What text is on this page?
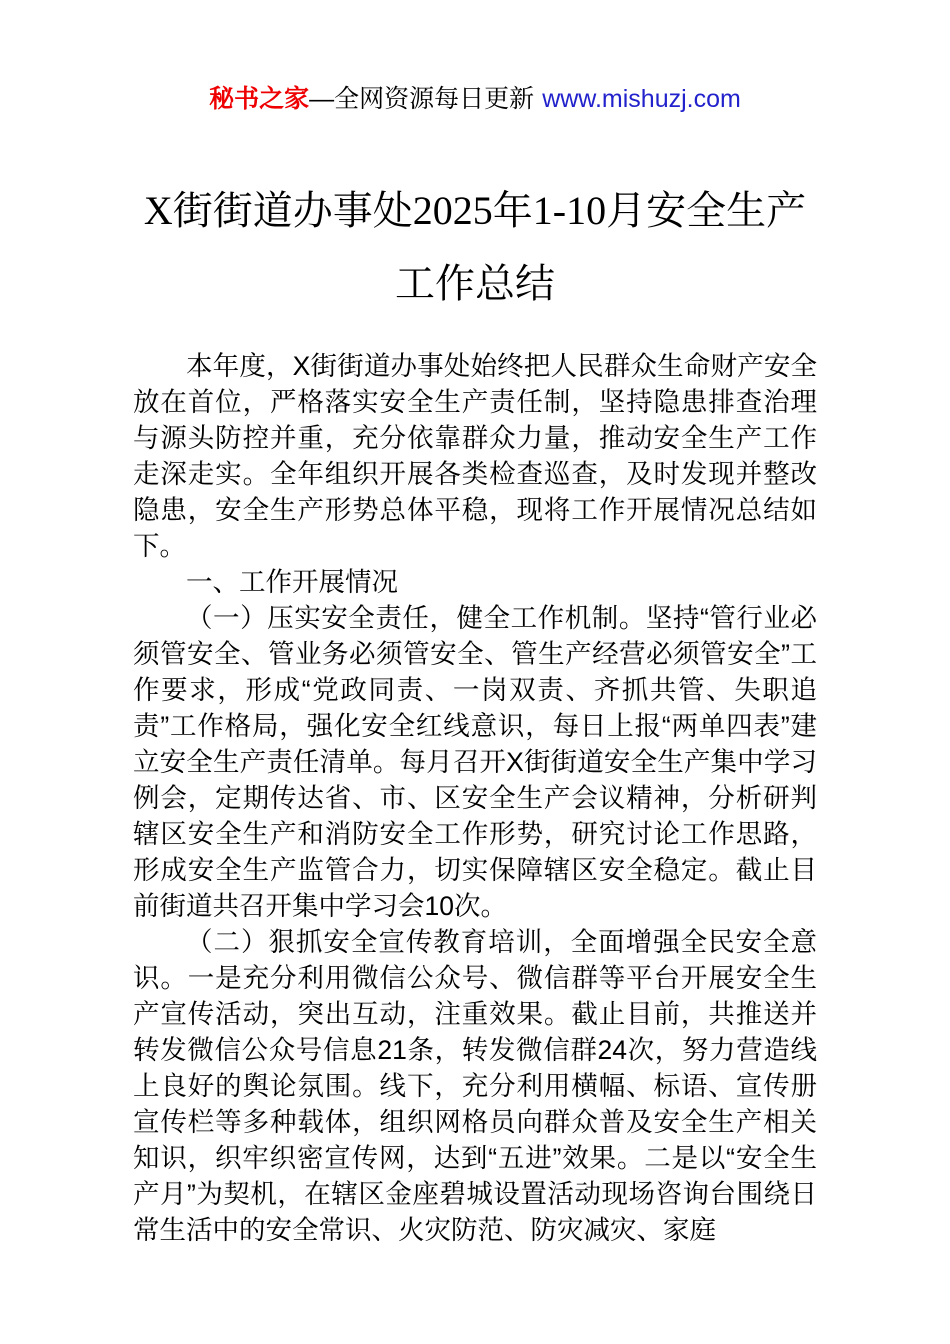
秘书之家—全网资源每日更新 www.mishuzj.com
X街街道办事处2025年1-10月安全生产工作总结

本年度，X街街道办事处始终把人民群众生命财产安全放在首位，严格落实安全生产责任制，坚持隐患排查治理与源头防控并重，充分依靠群众力量，推动安全生产工作走深走实。全年组织开展各类检查巡查，及时发现并整改隐患，安全生产形势总体平稳，现将工作开展情况总结如下。

一、工作开展情况

（一）压实安全责任，健全工作机制。坚持“管行业必须管安全、管业务必须管安全、管生产经营必须管安全”工作要求，形成“党政同责、一岗双责、齐抓共管、失职追责”工作格局，强化安全红线意识，每日上报“两单四表”建立安全生产责任清单。每月召开X街街道安全生产集中学习例会，定期传达省、市、区安全生产会议精神，分析研判辖区安全生产和消防安全工作形势，研究讨论工作思路，形成安全生产监管合力，切实保障辖区安全稳定。截止目前街道共召开集中学习会10次。

（二）狠抓安全宣传教育培训，全面增强全民安全意识。一是充分利用微信公众号、微信群等平台开展安全生产宣传活动，突出互动，注重效果。截止目前，共推送并转发微信公众号信息21条，转发微信群24次，努力营造线上良好的舆论氛围。线下，充分利用横幅、标语、宣传册宣传栏等多种载体，组织网格员向群众普及安全生产相关知识，织牢织密宣传网，达到“五进”效果。二是以“安全生产月”为契机，在辖区金座碧城设置活动现场咨询台围绕日常生活中的安全常识、火灾防范、防灾减灾、家庭
